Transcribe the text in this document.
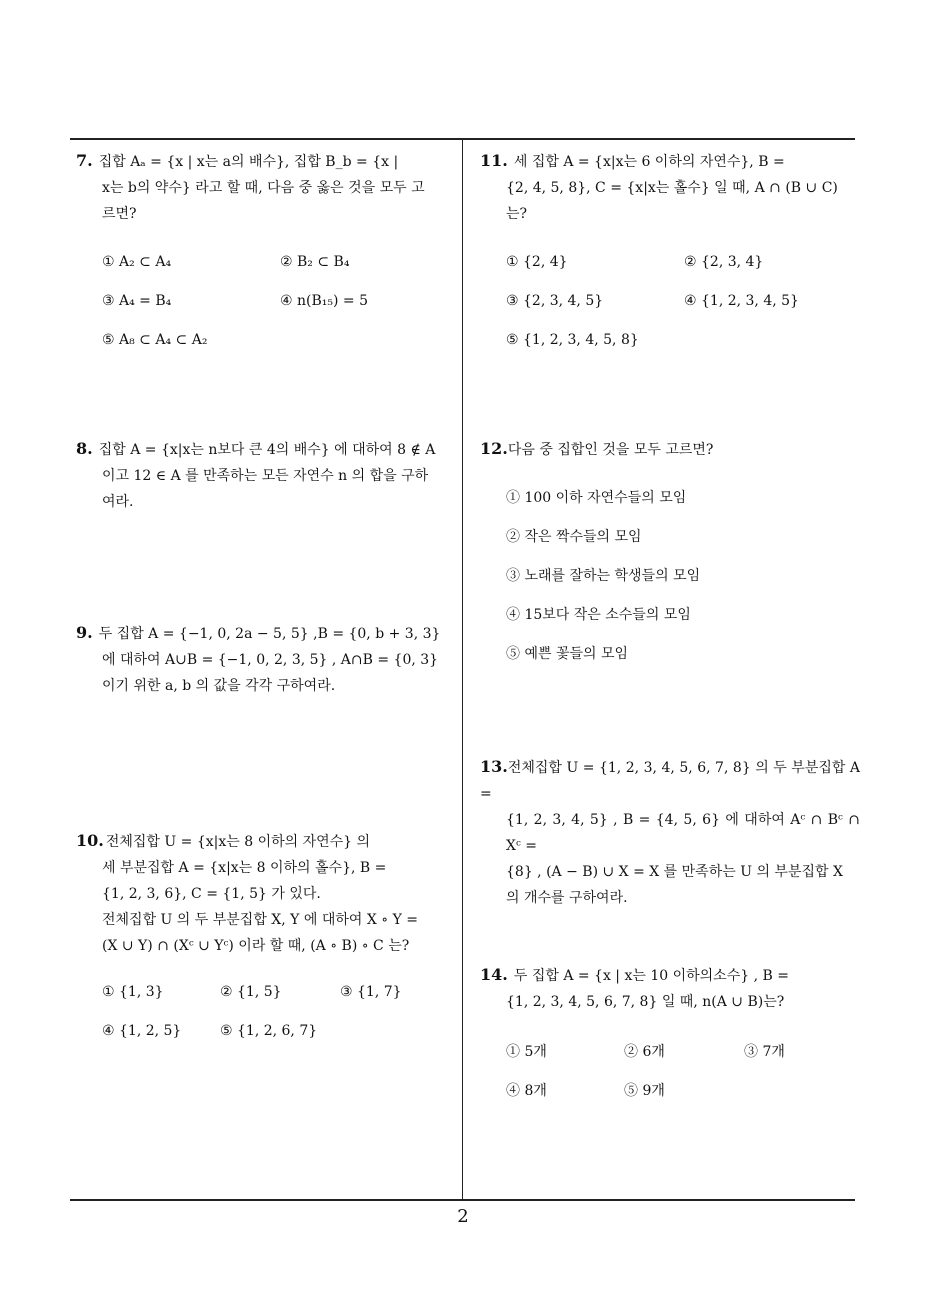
7. 집합 Aₐ = {x | x는 a의 배수}, 집합 B_b = {x |
x는 b의 약수} 라고 할 때, 다음 중 옳은 것을 모두 고
르면?
① A₂ ⊂ A₄	② B₂ ⊂ B₄
③ A₄ = B₄	④ n(B₁₅) = 5
⑤ A₈ ⊂ A₄ ⊂ A₂
8. 집합 A = {x|x는 n보다 큰 4의 배수} 에 대하여 8 ∉ A
이고 12 ∈ A 를 만족하는 모든 자연수 n 의 합을 구하
여라.
9. 두 집합 A = {−1, 0, 2a − 5, 5} ,B = {0, b + 3, 3}
에 대하여 A∪B = {−1, 0, 2, 3, 5} , A∩B = {0, 3}
이기 위한 a, b 의 값을 각각 구하여라.
10. 전체집합 U = {x|x는 8 이하의 자연수} 의
세 부분집합 A = {x|x는 8 이하의 홀수}, B =
{1, 2, 3, 6}, C = {1, 5} 가 있다.
전체집합 U 의 두 부분집합 X, Y 에 대하여 X ∘ Y =
(X ∪ Y) ∩ (Xᶜ ∪ Yᶜ) 이라 할 때, (A ∘ B) ∘ C 는?
① {1, 3}	② {1, 5}	③ {1, 7}
④ {1, 2, 5}	⑤ {1, 2, 6, 7}
11. 세 집합 A = {x|x는 6 이하의 자연수}, B =
{2, 4, 5, 8}, C = {x|x는 홀수} 일 때, A ∩ (B ∪ C)
는?
① {2, 4}	② {2, 3, 4}
③ {2, 3, 4, 5}	④ {1, 2, 3, 4, 5}
⑤ {1, 2, 3, 4, 5, 8}
12.다음 중 집합인 것을 모두 고르면?
① 100 이하 자연수들의 모임
② 작은 짝수들의 모임
③ 노래를 잘하는 학생들의 모임
④ 15보다 작은 소수들의 모임
⑤ 예쁜 꽃들의 모임
13.전체집합 U = {1, 2, 3, 4, 5, 6, 7, 8} 의 두 부분집합 A =
{1, 2, 3, 4, 5} , B = {4, 5, 6} 에 대하여 Aᶜ ∩ Bᶜ ∩ Xᶜ =
{8} , (A − B) ∪ X = X 를 만족하는 U 의 부분집합 X
의 개수를 구하여라.
14. 두 집합 A = {x | x는 10 이하의소수} , B =
{1, 2, 3, 4, 5, 6, 7, 8} 일 때, n(A ∪ B)는?
① 5개	② 6개	③ 7개
④ 8개	⑤ 9개
2
